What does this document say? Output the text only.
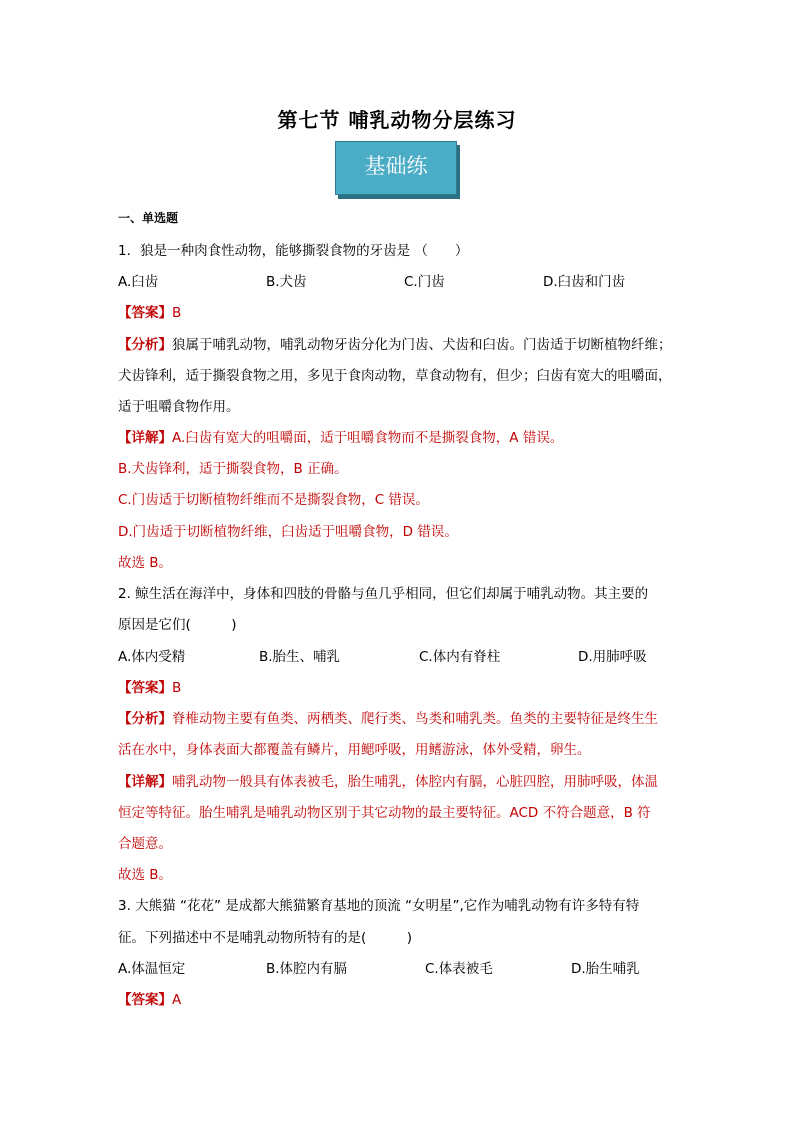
第七节 哺乳动物分层练习
基础练
一、单选题
1．狼是一种肉食性动物，能够撕裂食物的牙齿是 （　　）
A.臼齿	B.犬齿	C.门齿	D.臼齿和门齿
【答案】B
【分析】狼属于哺乳动物，哺乳动物牙齿分化为门齿、犬齿和臼齿。门齿适于切断植物纤维；
犬齿锋利，适于撕裂食物之用，多见于食肉动物，草食动物有，但少；臼齿有宽大的咀嚼面，
适于咀嚼食物作用。
【详解】A.臼齿有宽大的咀嚼面，适于咀嚼食物而不是撕裂食物，A 错误。
B.犬齿锋利，适于撕裂食物，B 正确。
C.门齿适于切断植物纤维而不是撕裂食物，C 错误。
D.门齿适于切断植物纤维，臼齿适于咀嚼食物，D 错误。
故选 B。
2. 鲸生活在海洋中，身体和四肢的骨骼与鱼几乎相同，但它们却属于哺乳动物。其主要的
原因是它们(　　　)
A.体内受精	B.胎生、哺乳	C.体内有脊柱	D.用肺呼吸
【答案】B
【分析】脊椎动物主要有鱼类、两栖类、爬行类、鸟类和哺乳类。鱼类的主要特征是终生生
活在水中，身体表面大都覆盖有鳞片，用鳃呼吸，用鳍游泳，体外受精，卵生。
【详解】哺乳动物一般具有体表被毛，胎生哺乳，体腔内有膈，心脏四腔，用肺呼吸，体温
恒定等特征。胎生哺乳是哺乳动物区别于其它动物的最主要特征。ACD 不符合题意，B 符
合题意。
故选 B。
3. 大熊猫 “花花” 是成都大熊猫繁育基地的顶流 “女明星”,它作为哺乳动物有许多特有特
征。下列描述中不是哺乳动物所特有的是(　　　)
A.体温恒定	B.体腔内有膈	C.体表被毛	D.胎生哺乳
【答案】A
